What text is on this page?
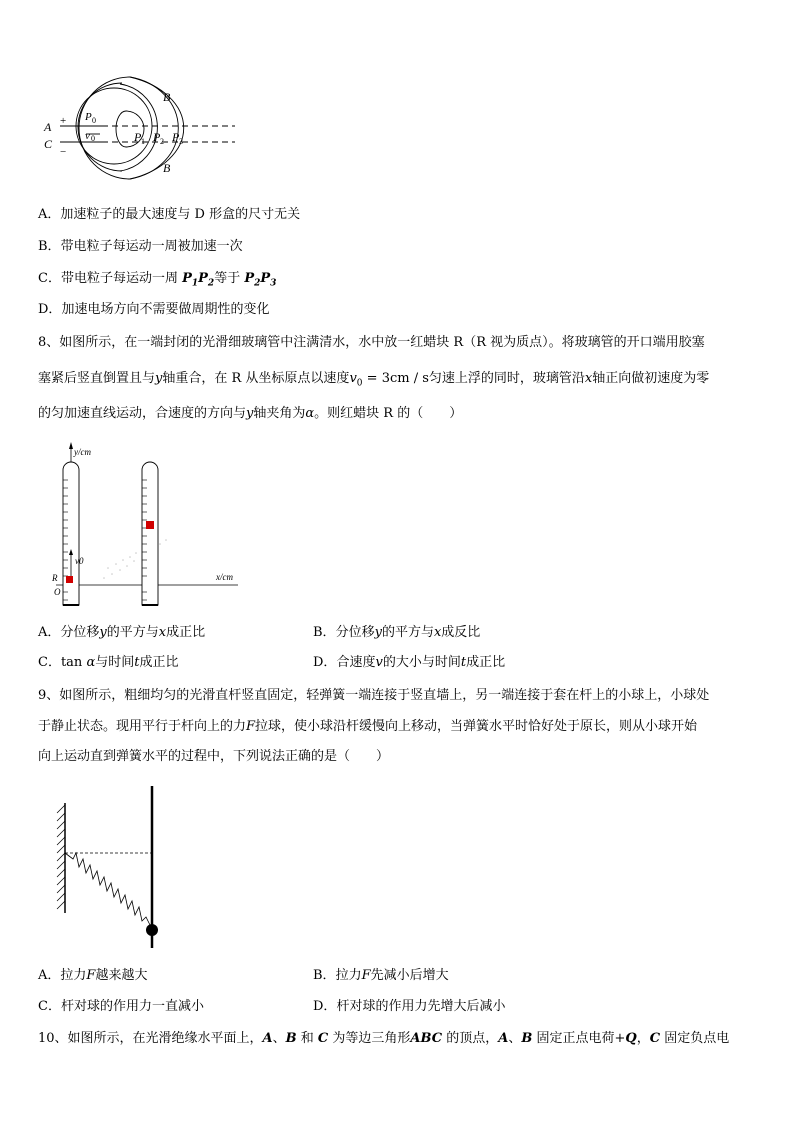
A
C
+
−
P 0
v 0
B
B
P 1 P 2 P 3
A．加速粒子的最大速度与 D 形盒的尺寸无关
B．带电粒子每运动一周被加速一次
C．带电粒子每运动一周 $P_1P_2$等于 $P_2P_3$
D．加速电场方向不需要做周期性的变化
8、如图所示，在一端封闭的光滑细玻璃管中注满清水，水中放一红蜡块 R（R 视为质点）。将玻璃管的开口端用胶塞
塞紧后竖直倒置且与y轴重合，在 R 从坐标原点以速度$v_0 = 3cm / s$匀速上浮的同时，玻璃管沿x轴正向做初速度为零
的匀加速直线运动，合速度的方向与y轴夹角为α。则红蜡块 R 的（　　）
y/cm
x/cm
v0
R
O
A．分位移y的平方与x成正比	B．分位移y的平方与x成反比
C．tan α与时间t成正比	D．合速度v的大小与时间t成正比
9、如图所示，粗细均匀的光滑直杆竖直固定，轻弹簧一端连接于竖直墙上，另一端连接于套在杆上的小球上，小球处
于静止状态。现用平行于杆向上的力F拉球，使小球沿杆缓慢向上移动，当弹簧水平时恰好处于原长，则从小球开始
向上运动直到弹簧水平的过程中，下列说法正确的是（　　）
A．拉力F越来越大	B．拉力F先减小后增大
C．杆对球的作用力一直减小	D．杆对球的作用力先增大后减小
10、如图所示，在光滑绝缘水平面上，A、B 和 C 为等边三角形ABC 的顶点，A、B 固定正点电荷+Q，C 固定负点电
